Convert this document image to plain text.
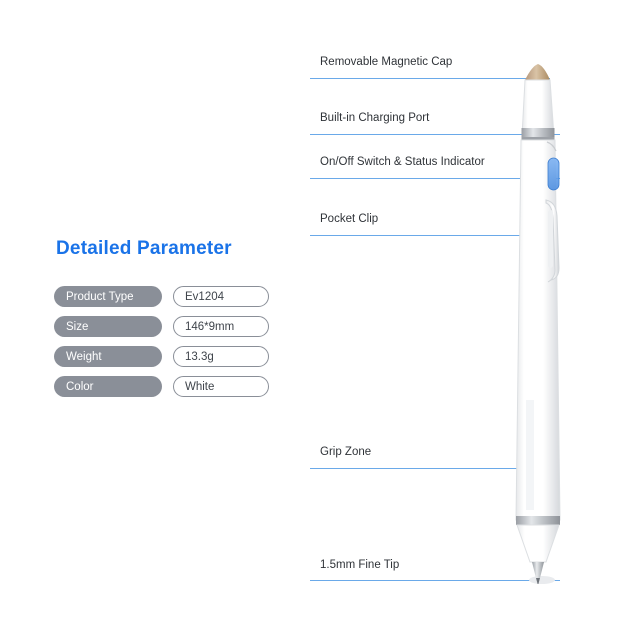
Detailed Parameter
Product Type	Ev1204
Size	146*9mm
Weight	13.3g
Color	White
Removable Magnetic Cap
Built-in Charging Port
On/Off Switch & Status Indicator
Pocket Clip
Grip Zone
1.5mm Fine Tip
